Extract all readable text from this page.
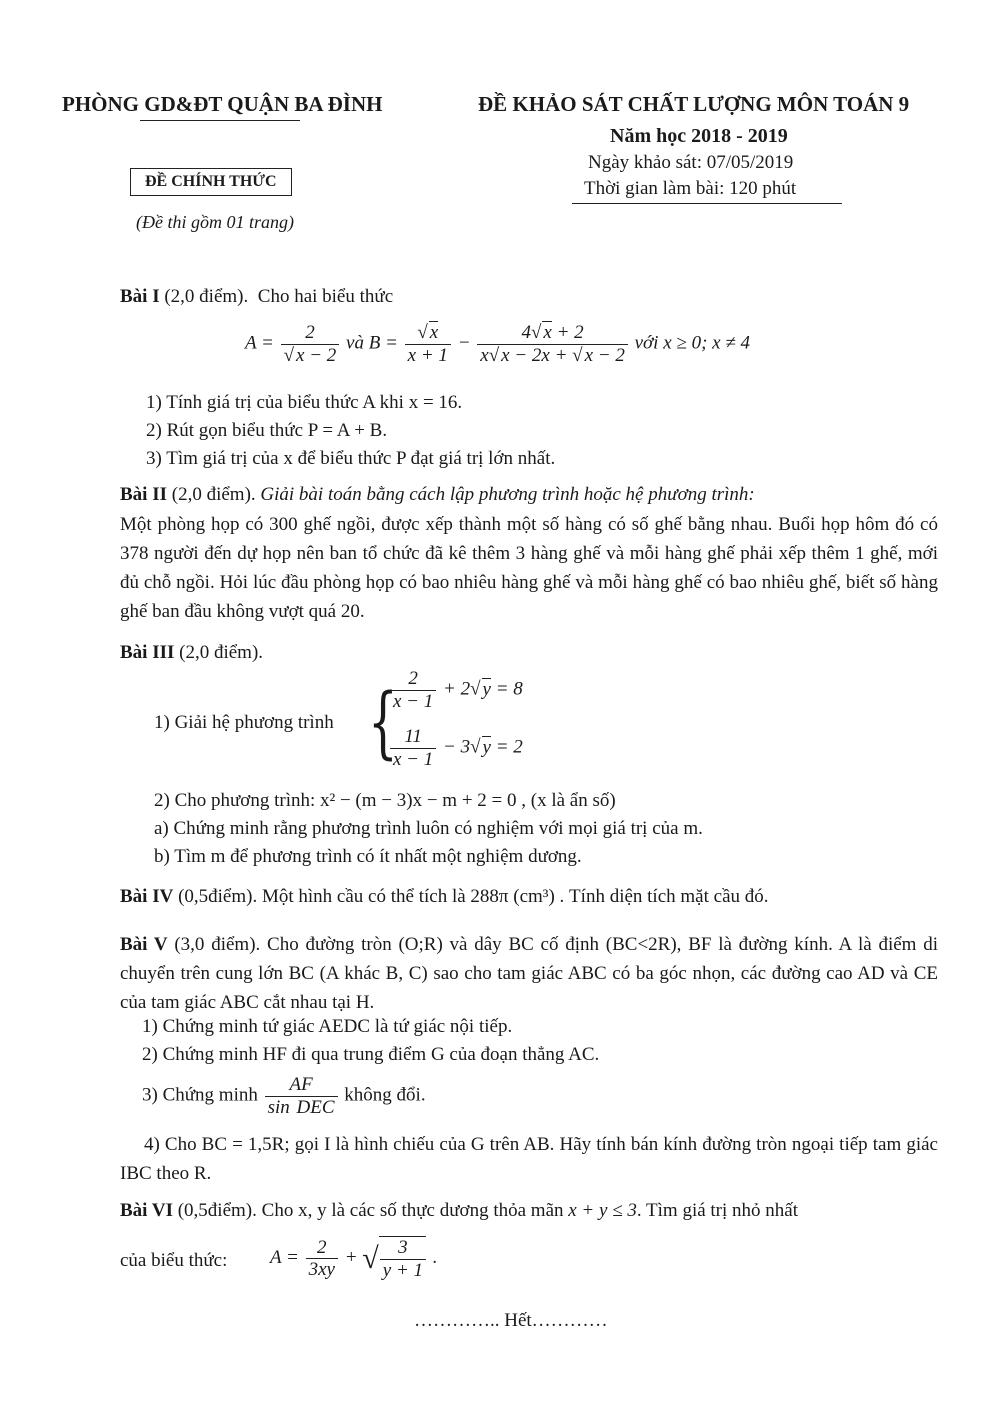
PHÒNG GD&ĐT QUẬN BA ĐÌNH	ĐỀ KHẢO SÁT CHẤT LƯỢNG MÔN TOÁN 9
Năm học 2018 - 2019
Ngày khảo sát: 07/05/2019
Thời gian làm bài: 120 phút
ĐỀ CHÍNH THỨC
(Đề thi gồm 01 trang)
Bài I (2,0 điểm). Cho hai biểu thức
$A = \frac{2}{√ x - 2}$ và $B = \frac{√ x}{x + 1} - \frac{4√ x + 2}{x√ x - 2x + √ x - 2}$ với x ≥ 0; x ≠ 4
1) Tính giá trị của biểu thức A khi x = 16.
2) Rút gọn biểu thức P = A + B.
3) Tìm giá trị của x để biểu thức P đạt giá trị lớn nhất.
Bài II (2,0 điểm). Giải bài toán bằng cách lập phương trình hoặc hệ phương trình:
Một phòng họp có 300 ghế ngồi, được xếp thành một số hàng có số ghế bằng nhau. Buổi họp hôm đó có 378 người đến dự họp nên ban tổ chức đã kê thêm 3 hàng ghế và mỗi hàng ghế phải xếp thêm 1 ghế, mới đủ chỗ ngồi. Hỏi lúc đầu phòng họp có bao nhiêu hàng ghế và mỗi hàng ghế có bao nhiêu ghế, biết số hàng ghế ban đầu không vượt quá 20.
Bài III (2,0 điểm).
1) Giải hệ phương trình {
$\frac{2}{x - 1} + 2√$ y = 8
$\frac{11}{x - 1} - 3√$ y = 2
2) Cho phương trình: x² − (m − 3)x − m + 2 = 0 , (x là ẩn số)
a) Chứng minh rằng phương trình luôn có nghiệm với mọi giá trị của m.
b) Tìm m để phương trình có ít nhất một nghiệm dương.
Bài IV (0,5điểm). Một hình cầu có thể tích là 288π (cm³) . Tính diện tích mặt cầu đó.
Bài V (3,0 điểm). Cho đường tròn (O;R) và dây BC cố định (BC<2R), BF là đường kính. A là điểm di chuyển trên cung lớn BC (A khác B, C) sao cho tam giác ABC có ba góc nhọn, các đường cao AD và CE của tam giác ABC cắt nhau tại H.
1) Chứng minh tứ giác AEDC là tứ giác nội tiếp.
2) Chứng minh HF đi qua trung điểm G của đoạn thẳng AC.
3) Chứng minh $\frac{AF}{\text{sin DEC}}$ không đổi.
4) Cho BC = 1,5R; gọi I là hình chiếu của G trên AB. Hãy tính bán kính đường tròn ngoại tiếp tam giác IBC theo R.
Bài VI (0,5điểm). Cho x, y là các số thực dương thỏa mãn x + y ≤ 3. Tìm giá trị nhỏ nhất
của biểu thức: $A = \frac{2}{3xy}$ + √ $\frac{3}{y + 1}$ .
………….. Hết…………
